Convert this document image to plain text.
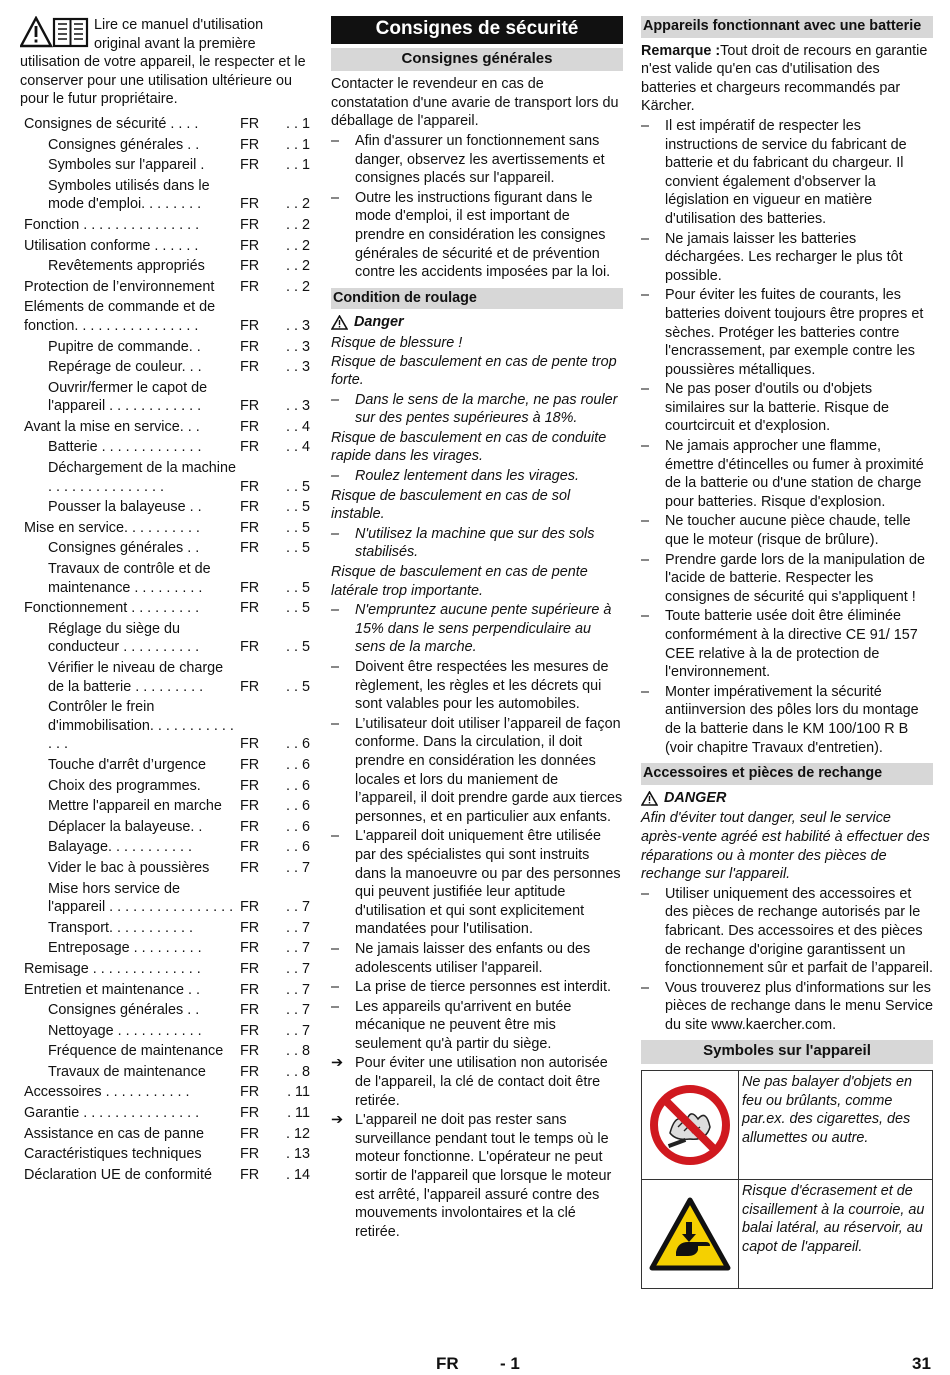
Lire ce manuel d'utilisation original avant la première utilisation de votre appareil, le respecter et le conserver pour une utilisation ultérieure ou pour le futur propriétaire.

Consignes de sécurité . . . .	FR	. . 1
Consignes générales . .	FR	. . 1
Symboles sur l'appareil .	FR	. . 1
Symboles utilisés dans le mode d'emploi. . . . . . . .	FR	. . 2
Fonction . . . . . . . . . . . . . . .	FR	. . 2
Utilisation conforme . . . . . .	FR	. . 2
Revêtements appropriés	FR	. . 2
Protection de l’environnement	FR	. . 2
Eléments de commande et de fonction. . . . . . . . . . . . . . . .	FR	. . 3
Pupitre de commande. .	FR	. . 3
Repérage de couleur. . .	FR	. . 3
Ouvrir/fermer le capot de l'appareil . . . . . . . . . . . .	FR	. . 3
Avant la mise en service. . .	FR	. . 4
Batterie . . . . . . . . . . . . .	FR	. . 4
Déchargement de la machine . . . . . . . . . . . . . . .	FR	. . 5
Pousser la balayeuse . .	FR	. . 5
Mise en service. . . . . . . . . .	FR	. . 5
Consignes générales . .	FR	. . 5
Travaux de contrôle et de maintenance . . . . . . . . .	FR	. . 5
Fonctionnement . . . . . . . . .	FR	. . 5
Réglage du siège du conducteur . . . . . . . . . .	FR	. . 5
Vérifier le niveau de charge de la batterie . . . . . . . . .	FR	. . 5
Contrôler le frein d'immobilisation. . . . . . . . . . . . . .	FR	. . 6
Touche d'arrêt d’urgence	FR	. . 6
Choix des programmes.	FR	. . 6
Mettre l'appareil en marche	FR	. . 6
Déplacer la balayeuse. .	FR	. . 6
Balayage. . . . . . . . . . .	FR	. . 6
Vider le bac à poussières	FR	. . 7
Mise hors service de l'appareil . . . . . . . . . . . . . . . . FR	. . 7
Transport. . . . . . . . . . .	FR	. . 7
Entreposage . . . . . . . . .	FR	. . 7
Remisage . . . . . . . . . . . . . .	FR	. . 7
Entretien et maintenance . .	FR	. . 7
Consignes générales . .	FR	. . 7
Nettoyage . . . . . . . . . . .	FR	. . 7
Fréquence de maintenance	FR	. . 8
Travaux de maintenance	FR	. . 8
Accessoires . . . . . . . . . . .	FR	. 11
Garantie . . . . . . . . . . . . . . .	FR	. 11
Assistance en cas de panne	FR	. 12
Caractéristiques techniques	FR	. 13
Déclaration UE de conformité	FR	. 14
Consignes de sécurité
Consignes générales

Contacter le revendeur en cas de constatation d'une avarie de transport lors du déballage de l'appareil.

–	Afin d'assurer un fonctionnement sans danger, observez les avertissements et consignes placés sur l'appareil.
–	Outre les instructions figurant dans le mode d'emploi, il est important de prendre en considération les consignes générales de sécurité et de prévention contre les accidents imposées par la loi.
Condition de roulage
Danger

Risque de blessure !

Risque de basculement en cas de pente trop forte.

–	Dans le sens de la marche, ne pas rouler sur des pentes supérieures à 18%.

Risque de basculement en cas de conduite rapide dans les virages.

–	Roulez lentement dans les virages.

Risque de basculement en cas de sol instable.

–	N'utilisez la machine que sur des sols stabilisés.

Risque de basculement en cas de pente latérale trop importante.

–	N'empruntez aucune pente supérieure à 15% dans le sens perpendiculaire au sens de la marche.
–	Doivent être respectées les mesures de règlement, les règles et les décrets qui sont valables pour les automobiles.
–	L’utilisateur doit utiliser l’appareil de façon conforme. Dans la circulation, il doit prendre en considération les données locales et lors du maniement de l’appareil, il doit prendre garde aux tierces personnes, et en particulier aux enfants.
–	L'appareil doit uniquement être utilisée par des spécialistes qui sont instruits dans la manoeuvre ou par des personnes qui peuvent justifiée leur aptitude d'utilisation et qui sont explicitement mandatées pour l'utilisation.
–	Ne jamais laisser des enfants ou des adolescents utiliser l'appareil.
–	La prise de tierce personnes est interdit.
–	Les appareils qu'arrivent en butée mécanique ne peuvent être mis seulement qu'à partir du siège.
➔ Pour éviter une utilisation non autorisée de l'appareil, la clé de contact doit être retirée.
➔ L'appareil ne doit pas rester sans surveillance pendant tout le temps où le moteur fonctionne. L'opérateur ne peut sortir de l'appareil que lorsque le moteur est arrêté, l'appareil assuré contre des mouvements involontaires et la clé retirée.
Appareils fonctionnant avec une batterie

Remarque :Tout droit de recours en garantie n'est valide qu'en cas d'utilisation des batteries et chargeurs recommandés par Kärcher.

–	Il est impératif de respecter les instructions de service du fabricant de batterie et du fabricant du chargeur. Il convient également d'observer la législation en vigueur en matière d'utilisation des batteries.
–	Ne jamais laisser les batteries déchargées. Les recharger le plus tôt possible.
–	Pour éviter les fuites de courants, les batteries doivent toujours être propres et sèches. Protéger les batteries contre l'encrassement, par exemple contre les poussières métalliques.
–	Ne pas poser d'outils ou d'objets similaires sur la batterie. Risque de courtcircuit et d'explosion.
–	Ne jamais approcher une flamme, émettre d'étincelles ou fumer à proximité de la batterie ou d'une station de charge pour batteries. Risque d'explosion.
–	Ne toucher aucune pièce chaude, telle que le moteur (risque de brûlure).
–	Prendre garde lors de la manipulation de l'acide de batterie. Respecter les consignes de sécurité qui s'appliquent !
–	Toute batterie usée doit être éliminée conformément à la directive CE 91/ 157 CEE relative à la de protection de l'environnement.
–	Monter impérativement la sécurité antiinversion des pôles lors du montage de la batterie dans le KM 100/100 R B (voir chapitre Travaux d'entretien).
Accessoires et pièces de rechange
DANGER

Afin d'éviter tout danger, seul le service après-vente agréé est habilité à effectuer des réparations ou à monter des pièces de rechange sur l'appareil.

–	Utiliser uniquement des accessoires et des pièces de rechange autorisés par le fabricant. Des accessoires et des pièces de rechange d'origine garantissent un fonctionnement sûr et parfait de l’appareil.
–	Vous trouverez plus d'informations sur les pièces de rechange dans le menu Service du site www.kaercher.com.
Symboles sur l'appareil
Ne pas balayer d'objets en feu ou brûlants, comme par.ex. des cigarettes, des allumettes ou autre.
Risque d'écrasement et de cisaillement à la courroie, au balai latéral, au réservoir, au capot de l'appareil.
FR - 1	31
